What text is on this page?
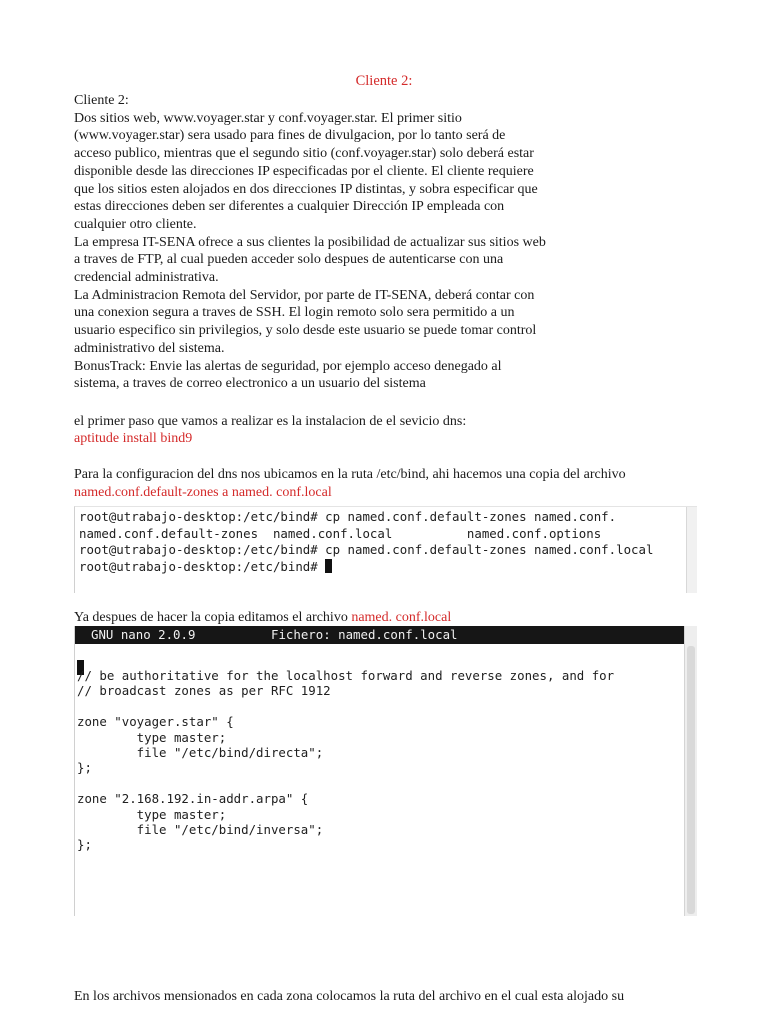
Cliente 2:
Cliente 2:
Dos sitios web, www.voyager.star y conf.voyager.star. El primer sitio
(www.voyager.star) sera usado para fines de divulgacion, por lo tanto será de
acceso publico, mientras que el segundo sitio (conf.voyager.star) solo deberá estar
disponible desde las direcciones IP especificadas por el cliente. El cliente requiere
que los sitios esten alojados en dos direcciones IP distintas, y sobra especificar que
estas direcciones deben ser diferentes a cualquier Dirección IP empleada con
cualquier otro cliente.
La empresa IT-SENA ofrece a sus clientes la posibilidad de actualizar sus sitios web
a traves de FTP, al cual pueden acceder solo despues de autenticarse con una
credencial administrativa.
La Administracion Remota del Servidor, por parte de IT-SENA, deberá contar con
una conexion segura a traves de SSH. El login remoto solo sera permitido a un
usuario especifico sin privilegios, y solo desde este usuario se puede tomar control
administrativo del sistema.
BonusTrack: Envie las alertas de seguridad, por ejemplo acceso denegado al
sistema, a traves de correo electronico a un usuario del sistema
el primer paso que vamos a realizar es la instalacion de el sevicio dns:
aptitude install bind9
Para la configuracion del dns nos ubicamos en la ruta /etc/bind, ahi hacemos una copia del archivo
named.conf.default-zones a named. conf.local
root@utrabajo-desktop:/etc/bind# cp named.conf.default-zones named.conf.
named.conf.default-zones  named.conf.local          named.conf.options
root@utrabajo-desktop:/etc/bind# cp named.conf.default-zones named.conf.local
root@utrabajo-desktop:/etc/bind#
Ya despues de hacer la copia editamos el archivo named. conf.local
GNU nano 2.0.9	Fichero: named.conf.local
// be authoritative for the localhost forward and reverse zones, and for
// broadcast zones as per RFC 1912

zone "voyager.star" {
type master;
file "/etc/bind/directa";
};

zone "2.168.192.in-addr.arpa" {
type master;
file "/etc/bind/inversa";
};
En los archivos mensionados en cada zona colocamos la ruta del archivo en el cual esta alojado su
